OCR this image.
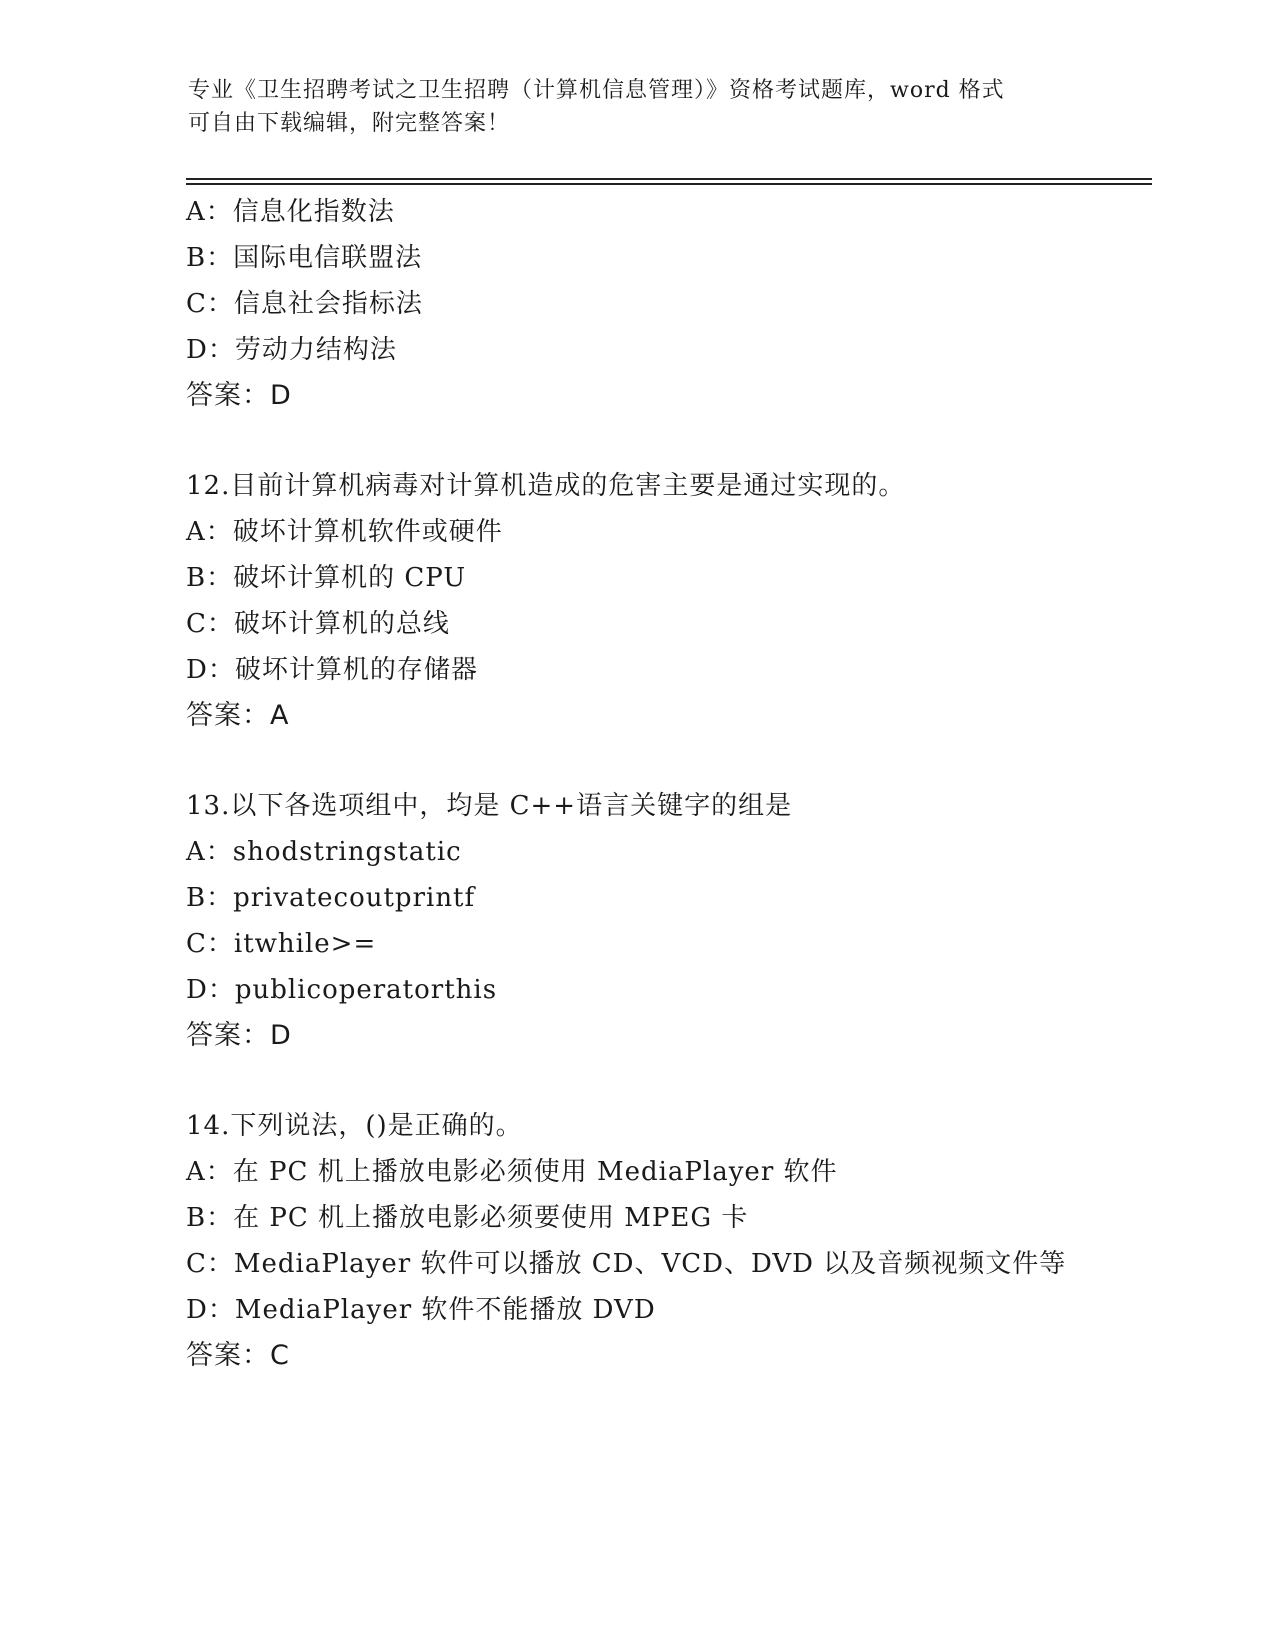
专业《卫生招聘考试之卫生招聘（计算机信息管理）》资格考试题库，word 格式
可自由下载编辑，附完整答案！
A：信息化指数法
B：国际电信联盟法
C：信息社会指标法
D：劳动力结构法
答案：D
12.目前计算机病毒对计算机造成的危害主要是通过实现的。
A：破坏计算机软件或硬件
B：破坏计算机的 CPU
C：破坏计算机的总线
D：破坏计算机的存储器
答案：A
13.以下各选项组中，均是 C++语言关键字的组是
A：shodstringstatic
B：privatecoutprintf
C：itwhile>=
D：publicoperatorthis
答案：D
14.下列说法，()是正确的。
A：在 PC 机上播放电影必须使用 MediaPlayer 软件
B：在 PC 机上播放电影必须要使用 MPEG 卡
C：MediaPlayer 软件可以播放 CD、VCD、DVD 以及音频视频文件等
D：MediaPlayer 软件不能播放 DVD
答案：C
